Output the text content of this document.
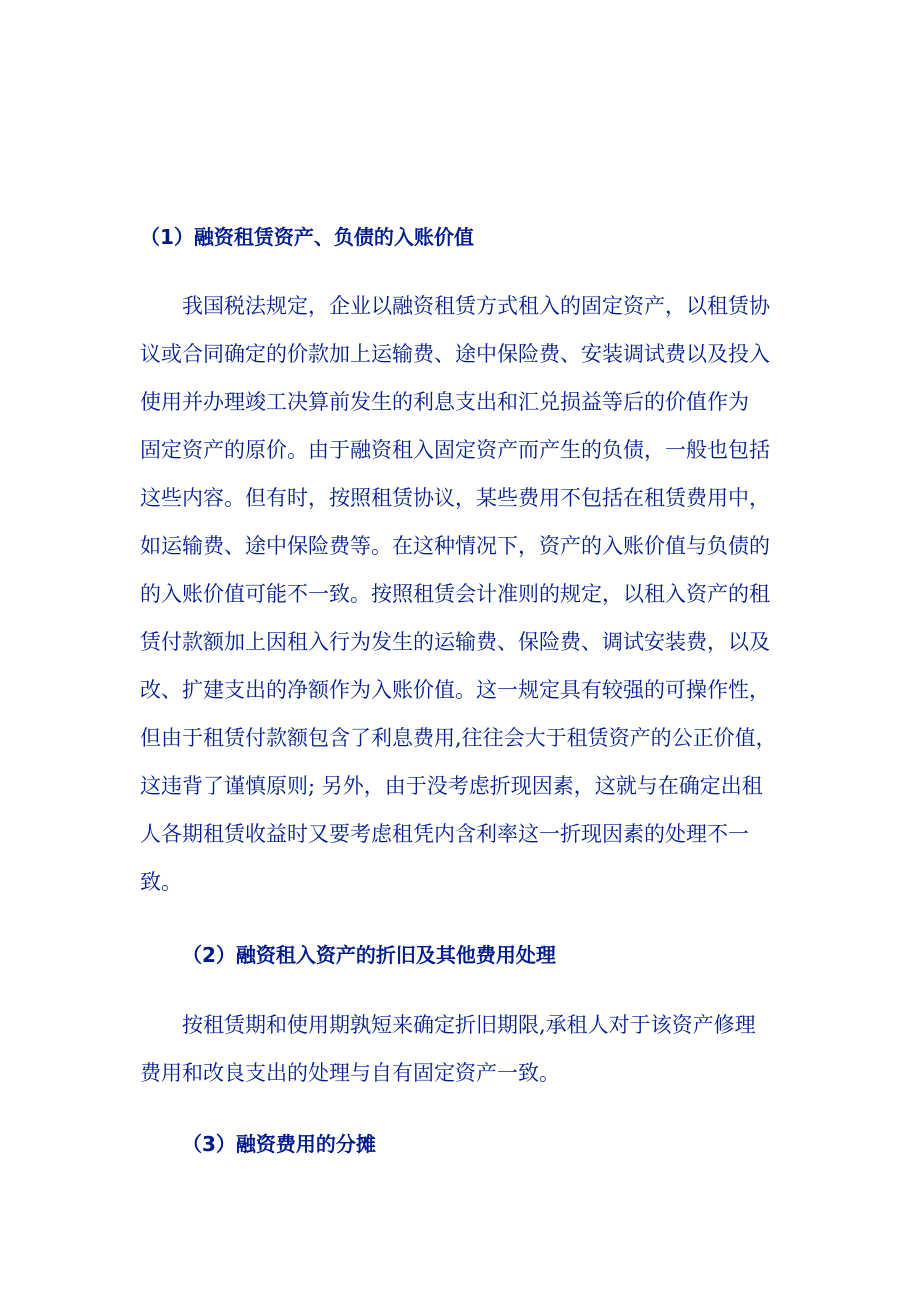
（1）融资租赁资产、负债的入账价值
我国税法规定，企业以融资租赁方式租入的固定资产，以租赁协
议或合同确定的价款加上运输费、途中保险费、安装调试费以及投入
使用并办理竣工决算前发生的利息支出和汇兑损益等后的价值作为
固定资产的原价。由于融资租入固定资产而产生的负债，一般也包括
这些内容。但有时，按照租赁协议，某些费用不包括在租赁费用中，
如运输费、途中保险费等。在这种情况下，资产的入账价值与负债的
的入账价值可能不一致。按照租赁会计准则的规定，以租入资产的租
赁付款额加上因租入行为发生的运输费、保险费、调试安装费，以及
改、扩建支出的净额作为入账价值。这一规定具有较强的可操作性，
但由于租赁付款额包含了利息费用,往往会大于租赁资产的公正价值，
这违背了谨慎原则; 另外，由于没考虑折现因素，这就与在确定出租
人各期租赁收益时又要考虑租凭内含利率这一折现因素的处理不一
致。
（2）融资租入资产的折旧及其他费用处理
按租赁期和使用期孰短来确定折旧期限,承租人对于该资产修理
费用和改良支出的处理与自有固定资产一致。
（3）融资费用的分摊
